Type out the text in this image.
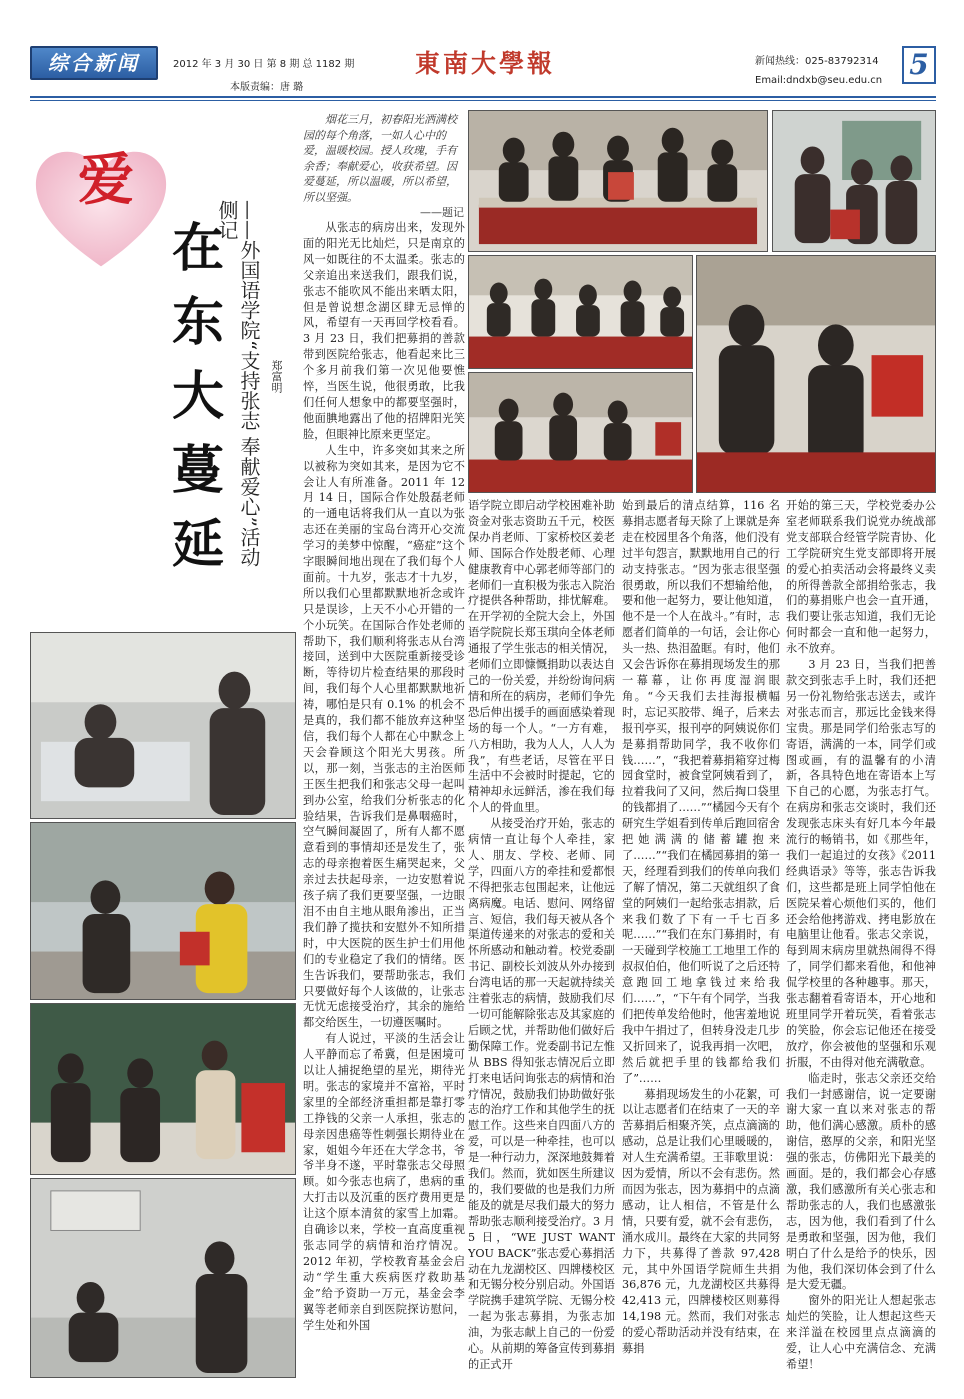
综合新闻	2012 年 3 月 30 日 第 8 期 总 1182 期
本版责编：唐 璐
東南大學報	新闻热线：025-83792314
Email:dndxb@seu.edu.cn 5
爱
在
东
大
蔓
延 ——外国语学院“支持张志 奉献爱心”活动侧记
郑富明
烟花三月，初春阳光洒满校园的每个角落，一如人心中的爱，温暖校园。授人玫瑰，手有余香；奉献爱心，收获希望。因爱蔓延，所以温暖，所以希望，所以坚强。
——题记

从张志的病房出来，发现外面的阳光无比灿烂，只是南京的风一如既往的不太温柔。张志的父亲追出来送我们，跟我们说，张志不能吹风不能出来晒太阳，但是曾说想念湖区肆无忌惮的风，希望有一天再回学校看看。3 月 23 日，我们把募捐的善款带到医院给张志，他看起来比三个多月前我们第一次见他要憔悴，当医生说，他很勇敢，比我们任何人想象中的都要坚强时，他面腆地露出了他的招牌阳光笑脸，但眼神比原来更坚定。

人生中，许多突如其来之所以被称为突如其来，是因为它不会让人有所准备。2011 年 12 月 14 日，国际合作处殷磊老师的一通电话将我们从一直以为张志还在美丽的宝岛台湾开心交流学习的美梦中惊醒，“癌症”这个字眼瞬间地出现在了我们每个人面前。十九岁，张志才十九岁，所以我们心里都默默地祈念或许只是误诊，上天不小心开错的一个小玩笑。在国际合作处老师的帮助下，我们顺利将张志从台湾接回，送到中大医院重新接受诊断，等待切片检查结果的那段时间，我们每个人心里都默默地祈祷，哪怕是只有 0.1% 的机会不是真的，我们都不能放弃这种坚信，我们每个人都在心中默念上天会眷顾这个阳光大男孩。所以，那一刻，当张志的主治医师王医生把我们和张志父母一起叫到办公室，给我们分析张志的化验结果，告诉我们是鼻咽癌时，空气瞬间凝固了，所有人都不愿意看到的事情却还是发生了，张志的母亲抱着医生痛哭起来，父亲过去扶起母亲，一边安慰着说孩子病了我们更要坚强，一边眼泪不由自主地从眼角渗出，正当我们静了揽扶和安慰外不知所措时，中大医院的医生护士们用他们的专业稳定了我们的情绪。医生告诉我们，要帮助张志，我们只要做好每个人该做的，让张志无忧无虑接受治疗，其余的施给都交给医生，一切遵医嘱时。

有人说过，平淡的生活会让人平静而忘了希冀，但是困境可以让人捕捉绝望的星光，期待光明。张志的家境并不富裕，平时家里的全部经济重担都是靠打零工挣钱的父亲一人承担，张志的母亲因患癌等性刺强长期待业在家，姐姐今年还在大学念书，爷爷半身不遂，平时靠张志父母照顾。如今张志也病了，患病的重大打击以及沉重的医疗费用更是让这个原本清贫的家雪上加霜。自确诊以来，学校一直高度重视张志同学的病情和治疗情况。2012 年初，学校教育基金会启动“学生重大疾病医疗救助基金”给予资助一万元，基金会李翼等老师亲自到医院探访慰问，学生处和外国

语学院立即启动学校困难补助资金对张志资助五千元，校医保办肖老师、丁家桥校区姜老师、国际合作处殷老师、心理健康教育中心郭老师等部门的老师们一直积极为张志入院治疗提供各种帮助，排忧解难。在开学初的全院大会上，外国语学院院长郑玉琪向全体老师通报了学生张志的相关情况，老师们立即慷慨捐助以表达自己的一份关爱，并纷纷询问病情和所在的病房，老师们争先恐后伸出援手的画面感染着现场的每一个人。“一方有难，八方相助，我为人人，人人为我”，有些老话，尽管在平日生活中不会被时时提起，它的精神却永远鲜活，渗在我们每个人的骨血里。

从接受治疗开始，张志的病情一直让每个人牵挂，家人、朋友、学校、老师、同学，四面八方的牵挂和爱都恨不得把张志包围起来，让他远离病魔。电话、慰问、网络留言、短信，我们每天被从各个渠道传递来的对张志的爱和关怀所感动和触动着。校党委副书记、副校长刘波从外办接到台湾电话的那一天起就持续关注着张志的病情，鼓励我们尽一切可能解除张志及其家庭的后顾之忧，并帮助他们做好后勤保障工作。党委副书记左惟从 BBS 得知张志情况后立即打来电话问询张志的病情和治疗情况，鼓励我们协助做好张志的治疗工作和其他学生的抚慰工作。这些来自四面八方的爱，可以是一种牵挂，也可以是一种行动力，深深地鼓舞着我们。然而，犹如医生所建议的，我们要做的也是我们力所能及的就是尽我们最大的努力帮助张志顺利接受治疗。3 月 5 日，“WE JUST WANT YOU BACK”张志爱心募捐活动在九龙湖校区、四牌楼校区和无锡分校分别启动。外国语学院携手建筑学院、无锡分校一起为张志募捐，为张志加油，为张志献上自己的一份爱心。从前期的筹备宣传到募捐的正式开

始到最后的清点结算，116 名募捐志愿者每天除了上课就是奔走在校园里各个角落，他们没有过半句怨言，默默地用自己的行动支持张志。“因为张志很坚强很勇敢，所以我们不想输给他，要和他一起努力，要让他知道，他不是一个人在战斗。”有时，志愿者们简单的一句话，会让你心头一热、热泪盈眶。有时，他们又会告诉你在募捐现场发生的那一幕幕，让你再度湿润眼角。“今天我们去挂海报横幅时，忘记买胶带、绳子，后来去报刊亭买，报刊亭的阿姨说你们是募捐帮助同学，我不收你们钱……”，“我把着募捐箱穿过梅园食堂时，被食堂阿姨看到了，拉着我问了又问，然后掏口袋里的钱都捐了……”“橘园今天有个研究生学姐看到传单后跑回宿舍把她满满的储蓄罐抱来了……”“我们在橘园募捐的第一天，经理看到我们的传单向我们了解了情况，第二天就组织了食堂的阿姨们一起给张志捐款，后来我们数了下有一千七百多呢……”“我们在东门募捐时，有一天碰到学校施工工地里工作的叔叔伯伯，他们听说了之后还特意跑回工地拿钱过来给我们……”，“下午有个同学，当我们把传单发给他时，他害羞地说我中午捐过了，但转身没走几步又折回来了，说我再捐一次吧，然后就把手里的钱都给我们了”……

募捐现场发生的小花絮，可以让志愿者们在结束了一天的辛苦募捐后相聚齐笑，点点滴滴的感动，总是让我们心里暖暖的，对人生充满希望。王菲歌里说：因为爱情，所以不会有悲伤。然而因为张志，因为募捐中的点滴感动，让人相信，不管是什么情，只要有爱，就不会有悲伤，涌水成川。最终在大家的共同努力下，共募得了善款 97,428 元，其中外国语学院师生共捐 36,876 元，九龙湖校区共募得 42,413 元，四牌楼校区则募得 14,198 元。然而，我们对张志的爱心帮助活动并没有结束，在募捐

开始的第三天，学校党委办公室老师联系我们说党办统战部党支部联合经管学院青协、化工学院研究生党支部即将开展的爱心拍卖活动会将最终义卖的所得善款全部捐给张志，我们的募捐账户也会一直开通，我们要让张志知道，我们无论何时都会一直和他一起努力，永不放弃。

3 月 23 日，当我们把善款交到张志手上时，我们还把另一份礼物给张志送去，或许对张志而言，那远比金钱来得宝贵。那是同学们给张志写的寄语，满满的一本，同学们或图或画，有的温馨有的小清新，各具特色地在寄语本上写下自己的心愿，为张志打气。在病房和张志交谈时，我们还发现张志床头有好几本今年最流行的畅销书，如《那些年，我们一起追过的女孩》《2011 经典语录》等等，张志告诉我们，这些都是班上同学怕他在医院呆着心烦他们买的，他们还会给他拷游戏、拷电影放在电脑里让他看。张志父亲说，每到周末病房里就热闹得不得了，同学们都来看他，和他神侃学校里的各种趣事。那天，张志翻着看寄语本，开心地和班里同学开着玩笑，看着张志的笑脸，你会忘记他还在接受放疗，你会被他的坚强和乐观折服，不由得对他充满敬意。

临走时，张志父亲还交给我们一封感谢信，说一定要谢谢大家一直以来对张志的帮助，他们满心感激。质朴的感谢信，憨厚的父亲，和阳光坚强的张志，仿佛阳光下最美的画面。是的，我们都会心存感激，我们感激所有关心张志和帮助张志的人，我们也感激张志，因为他，我们看到了什么是勇敢和坚强，因为他，我们明白了什么是给予的快乐，因为他，我们深切体会到了什么是大爱无疆。

窗外的阳光让人想起张志灿烂的笑脸，让人想起这些天来洋溢在校园里点点滴滴的爱，让人心中充满信念、充满希望！
